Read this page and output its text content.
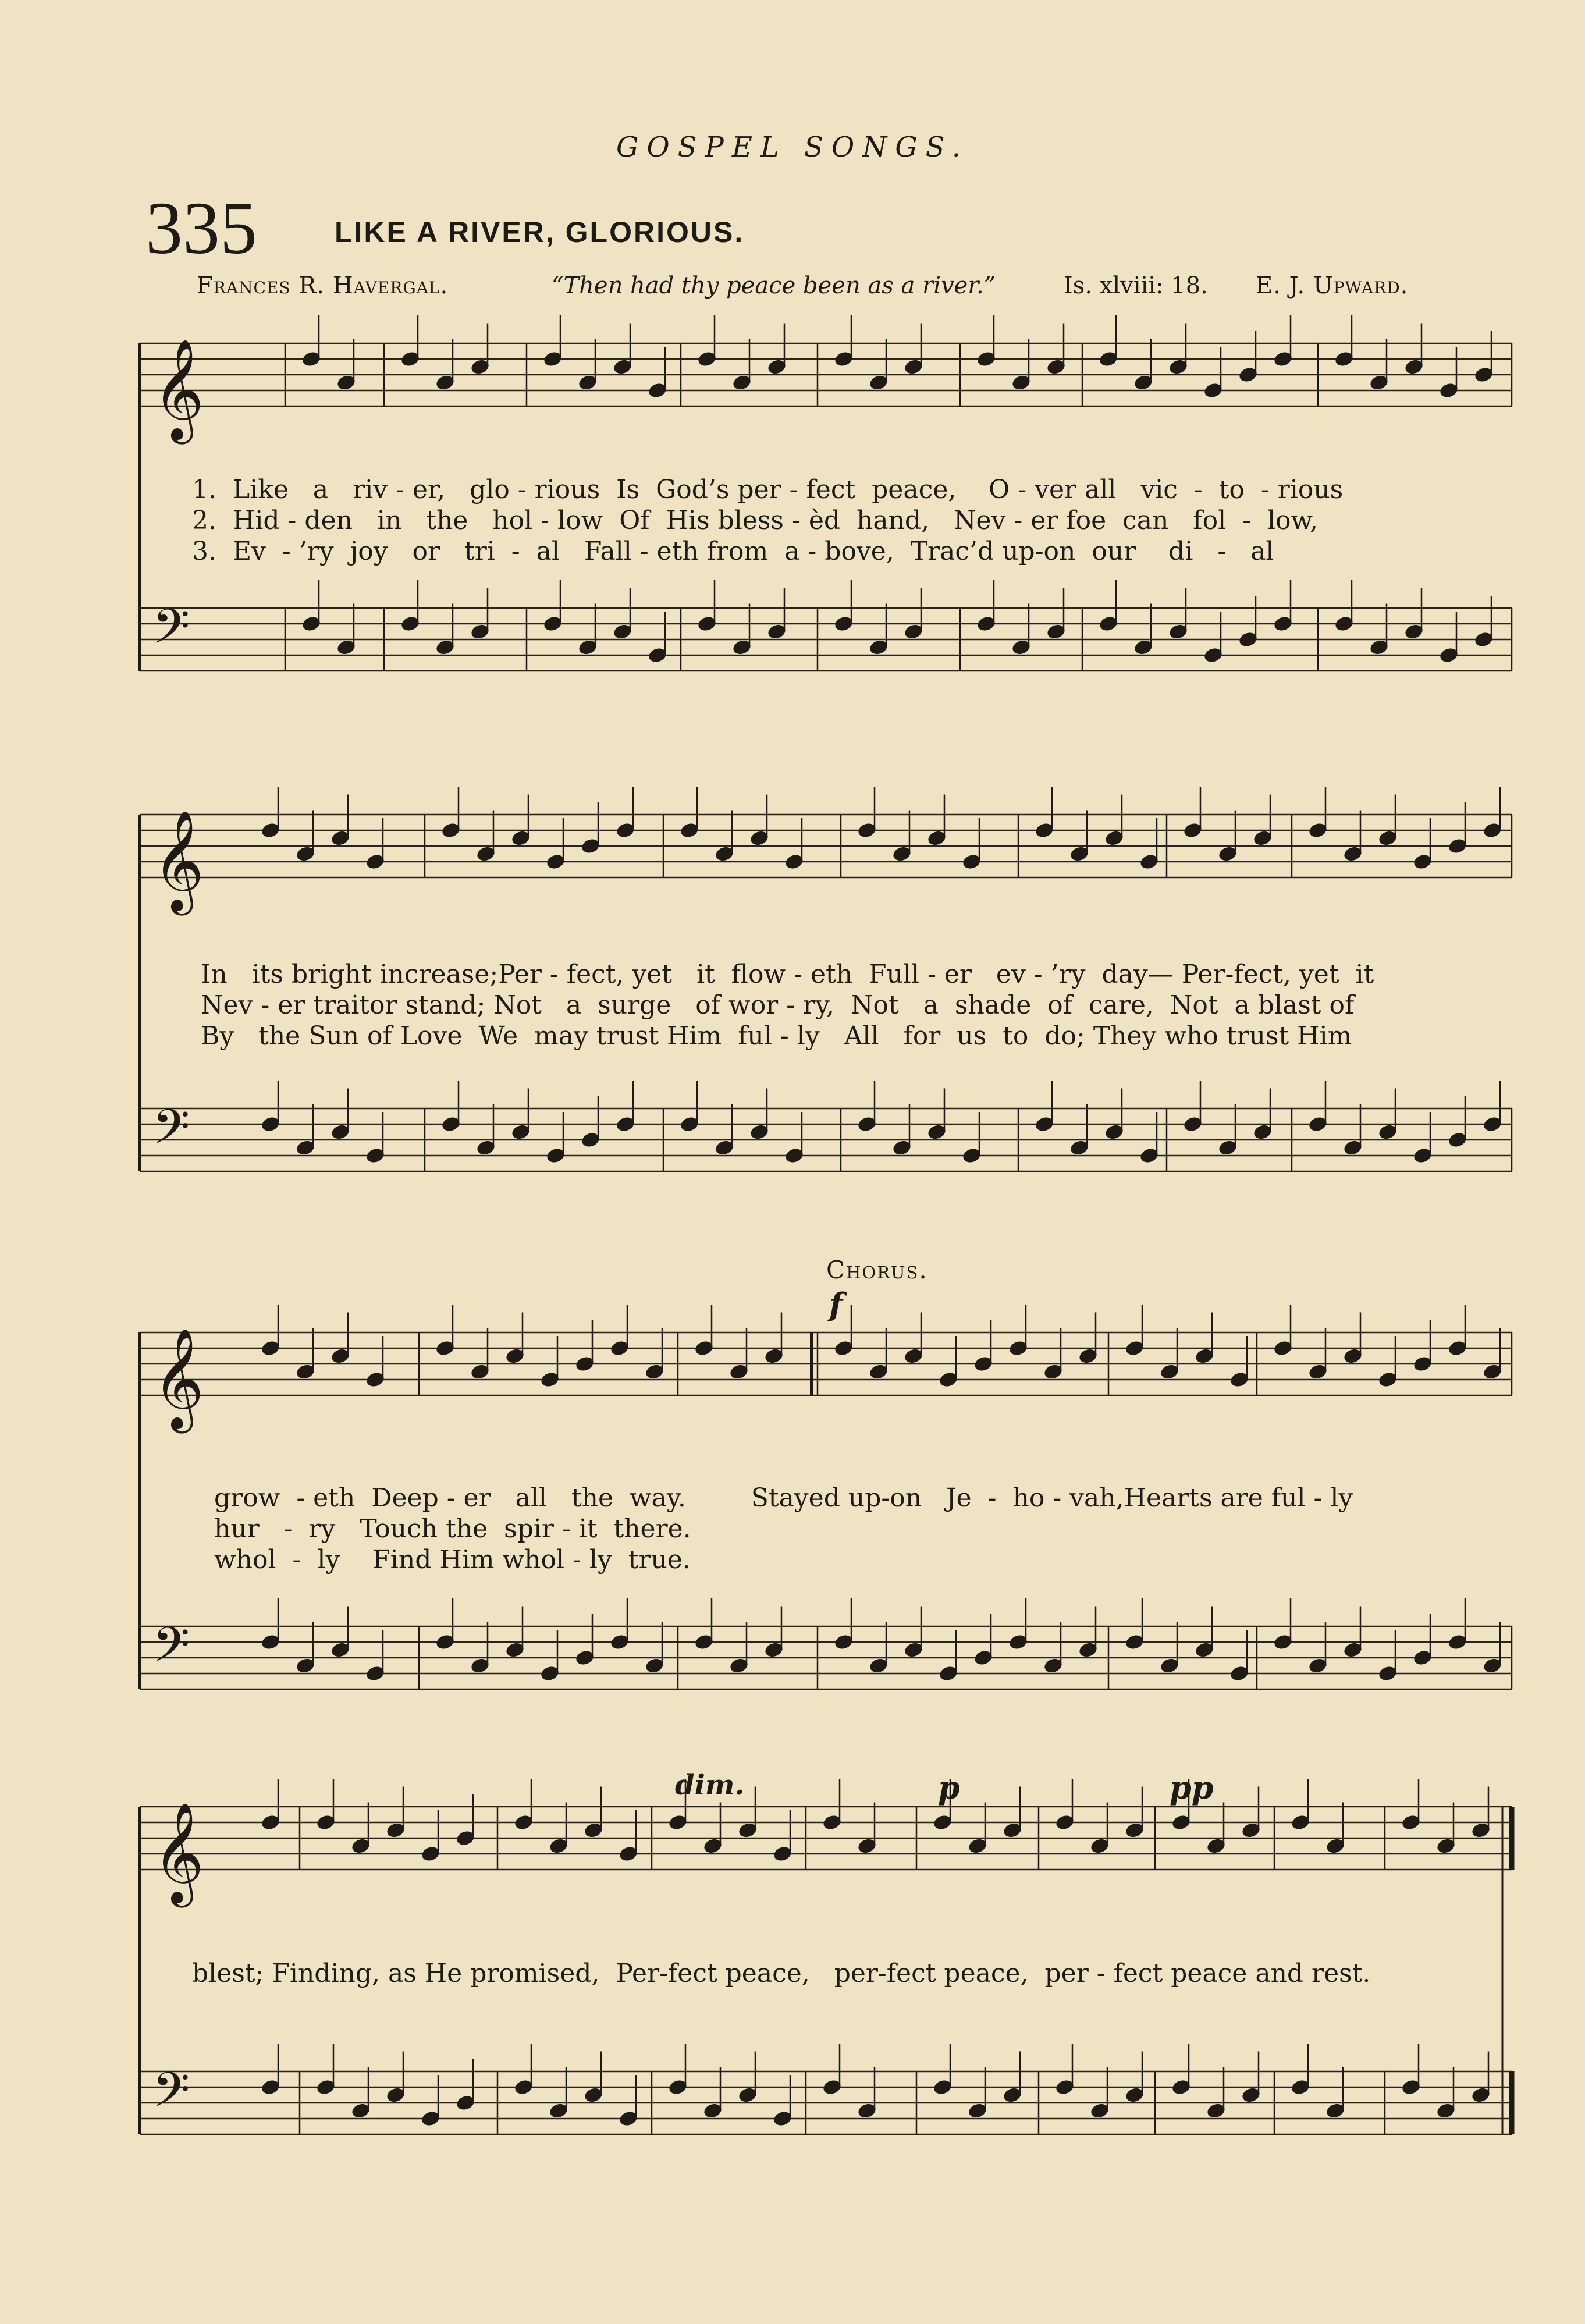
GOSPEL SONGS.
335	LIKE A RIVER, GLORIOUS.
Frances R. Havergal.	“Then had thy peace been as a river.”	Is. xlviii: 18. E. J. Upward.
𝄞
𝄢
𝄞
𝄢
𝄞
𝄢
𝄞
𝄢
Chorus.
f
dim.	p	pp
1.  Like   a   riv - er,   glo - rious  Is  God’s per - fect  peace,    O - ver all   vic  -  to  - rious
2.  Hid - den   in   the   hol - low  Of  His bless - èd  hand,   Nev - er foe  can   fol  -  low,
3.  Ev  - ’ry  joy   or   tri  -  al   Fall - eth from  a - bove,  Trac’d up-on  our    di   -   al
In   its bright increase;Per - fect, yet   it  flow - eth  Full - er   ev - ’ry  day— Per-fect, yet  it
Nev - er traitor stand; Not   a  surge   of wor - ry,  Not   a  shade  of  care,  Not  a blast of
By   the Sun of Love  We  may trust Him  ful - ly   All   for  us  to  do; They who trust Him
grow  - eth  Deep - er   all   the  way.        Stayed up-on   Je  -  ho - vah,Hearts are ful - ly
hur   -  ry   Touch the  spir - it  there.
whol  -  ly    Find Him whol - ly  true.
blest; Finding, as He promised,  Per-fect peace,   per-fect peace,  per - fect peace and rest.
